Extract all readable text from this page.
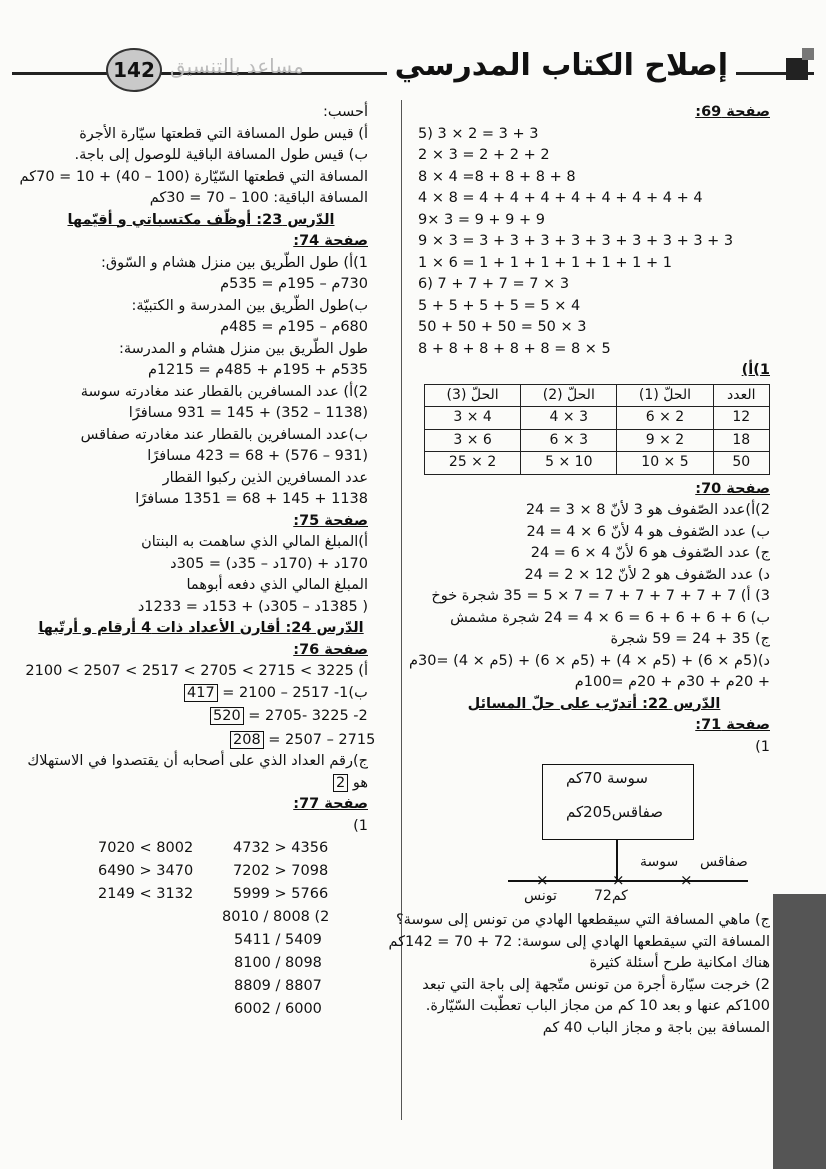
إصلاح الكتاب المدرسي
مساعد بالتنسيق
142
صفحة 69:
5) 3 × 2 = 3 + 3
2 × 3 = 2 + 2 + 2
8 × 4 =8 + 8 + 8 + 8
4 × 8 = 4 + 4 + 4 + 4 + 4 + 4 + 4 + 4
9× 3 = 9 + 9 + 9
9 × 3 = 3 + 3 + 3 + 3 + 3 + 3 + 3 + 3 + 3
1 × 6 = 1 + 1 + 1 + 1 + 1 + 1 + 1
6) 7 + 7 + 7 = 7 × 3
5 + 5 + 5 + 5 = 5 × 4
50 + 50 + 50 = 50 × 3
8 + 8 + 8 + 8 + 8 = 8 × 5
1)أ)
العدد	الحلّ (1)	الحلّ (2)	الحلّ (3)
12	2 × 6	3 × 4	4 × 3
18	2 × 9	3 × 6	6 × 3
50	5 × 10	10 × 5	2 × 25
صفحة 70:
2)أ)عدد الصّفوف هو 3 لأنّ 8 × 3 = 24
ب) عدد الصّفوف هو 4 لأنّ 6 × 4 = 24
ج) عدد الصّفوف هو 6 لأنّ 4 × 6 = 24
د) عدد الصّفوف هو 2 لأنّ 12 × 2 = 24
3) أ) 7 + 7 + 7 + 7 + 7 = 7 × 5 = 35 شجرة خوخ
ب) 6 + 6 + 6 + 6 = 6 × 4 = 24 شجرة مشمش
ج) 35 + 24 = 59 شجرة
د)(5م × 6) + (5م × 4) + (5م × 6) + (5م × 4) =30م
+ 20م + 30م + 20م =100م
الدّرس 22: أتدرّب على حلّ المسائل
صفحة 71:
1)
سوسة 70كم
صفاقس205كم
×	×	×
صفاقس
سوسة
تونس	72كم
ج) ماهي المسافة التي سيقطعها الهادي من تونس إلى سوسة؟
المسافة التي سيقطعها الهادي إلى سوسة: 72 + 70 = 142كم
هناك امكانية طرح أسئلة كثيرة
2) خرجت سيّارة أجرة من تونس متّجهة إلى باجة التي تبعد
100كم عنها و بعد 10 كم من مجاز الباب تعطّبت السّيّارة.
المسافة بين باجة و مجاز الباب 40 كم
أحسب:
أ) قيس طول المسافة التي قطعتها سيّارة الأجرة
ب) قيس طول المسافة الباقية للوصول إلى باجة.
المسافة التي قطعتها السّيّارة (100 – 40) + 10 = 70كم
المسافة الباقية: 100 – 70 = 30كم
الدّرس 23: أوظّف مكتسباتي و أقيّمها
صفحة 74:
1)أ) طول الطّريق بين منزل هشام و السّوق:
730م – 195م = 535م
ب)طول الطّريق بين المدرسة و الكتبيّة:
680م – 195م = 485م
طول الطّريق بين منزل هشام و المدرسة:
535م + 195م + 485م = 1215م
2)أ) عدد المسافرين بالقطار عند مغادرته سوسة
(1138 – 352) + 145 = 931 مسافرًا
ب)عدد المسافرين بالقطار عند مغادرته صفاقس
(931 – 576) + 68 = 423 مسافرًا
عدد المسافرين الذين ركبوا القطار
1138 + 145 + 68 = 1351 مسافرًا
صفحة 75:
أ)المبلغ المالي الذي ساهمت به البنتان
170د + (170د – 35د) = 305د
المبلغ المالي الذي دفعه أبوهما
( 1385د – 305د) + 153د = 1233د
الدّرس 24: أقارن الأعداد ذات 4 أرقام و أرتّبها
صفحة 76:
أ) 3225 > 2715 > 2705 > 2517 > 2507 > 2100
417 = 2100 – 2517 -1(ب
520 = 2705- 3225 -2
208 = 2507 – 2715
ج)رقم العداد الذي على أصحابه أن يقتصدوا في الاستهلاك
هو 2
صفحة 77:
1)
7020 < 8002	4732 > 4356
6490 > 3470	7202 > 7098
2149 < 3132	5999 > 5766
8010 / 8008 (2
5411 / 5409
8100 / 8098
8809 / 8807
6002 / 6000
